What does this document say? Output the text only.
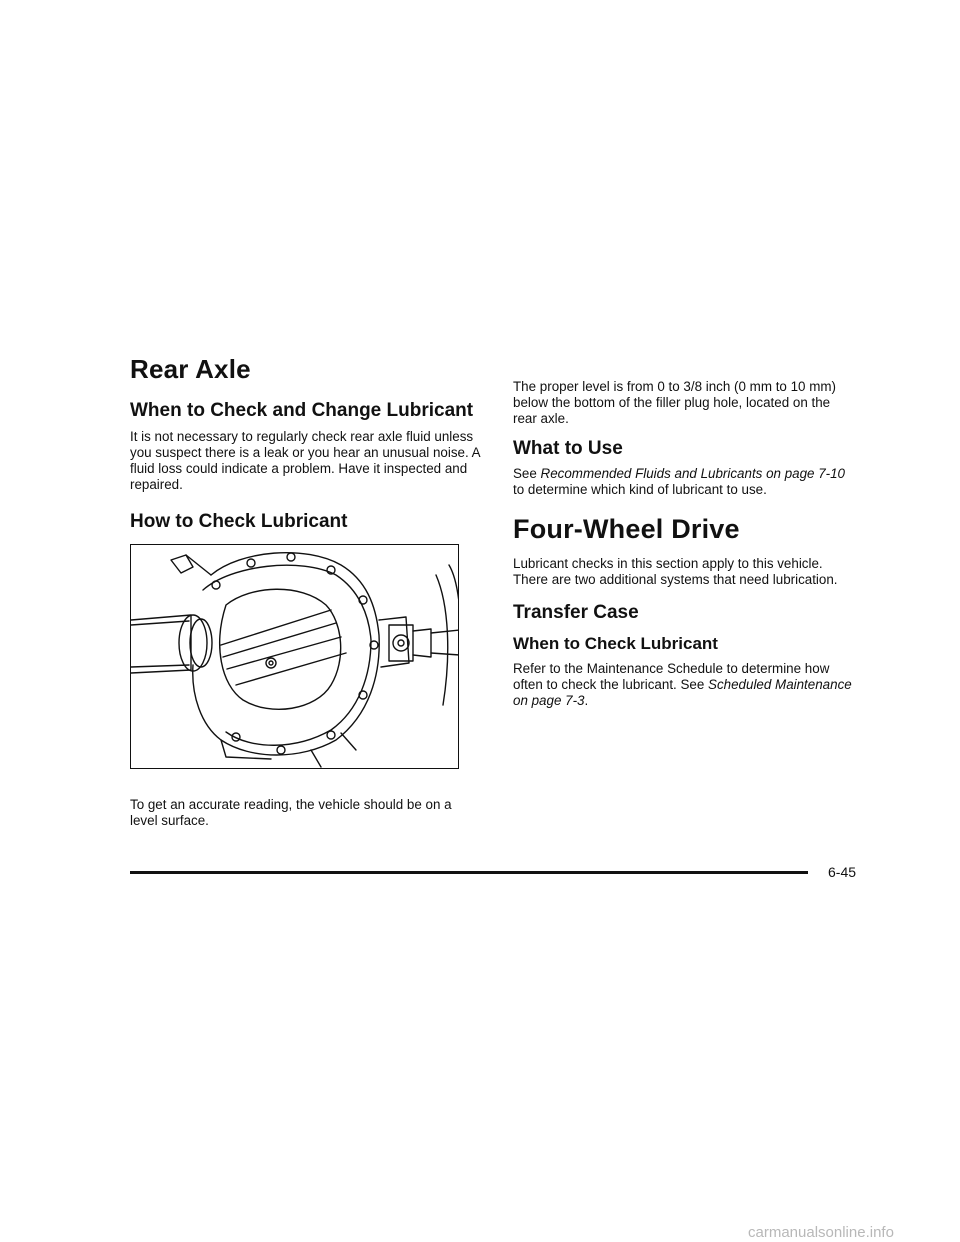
Rear Axle
When to Check and Change Lubricant

It is not necessary to regularly check rear axle fluid unless you suspect there is a leak or you hear an unusual noise. A fluid loss could indicate a problem. Have it inspected and repaired.

How to Check Lubricant

To get an accurate reading, the vehicle should be on a level surface.

The proper level is from 0 to 3/8 inch (0 mm to 10 mm) below the bottom of the filler plug hole, located on the rear axle.

What to Use

See Recommended Fluids and Lubricants on page 7-10 to determine which kind of lubricant to use.

Four-Wheel Drive

Lubricant checks in this section apply to this vehicle. There are two additional systems that need lubrication.

Transfer Case
When to Check Lubricant

Refer to the Maintenance Schedule to determine how often to check the lubricant. See Scheduled Maintenance on page 7-3.

6-45
carmanualsonline.info
